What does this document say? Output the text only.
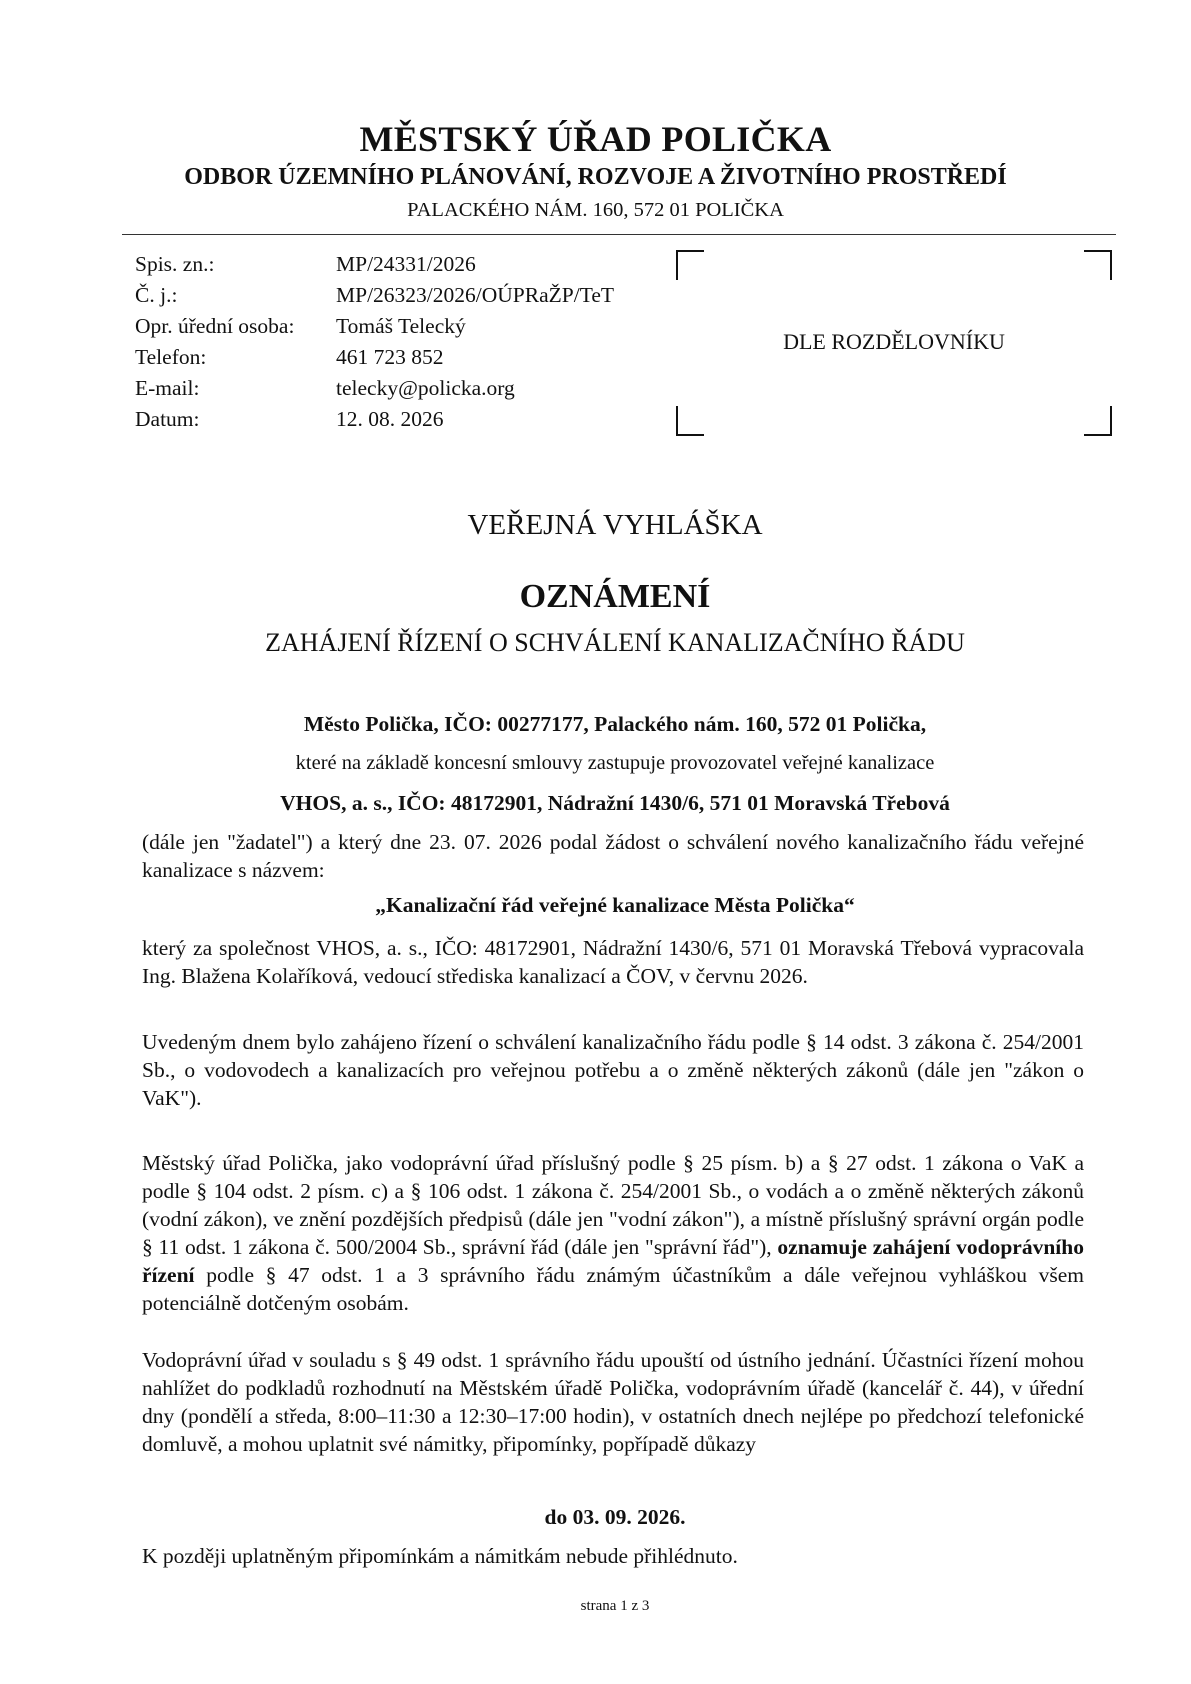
MĚSTSKÝ ÚŘAD POLIČKA
ODBOR ÚZEMNÍHO PLÁNOVÁNÍ, ROZVOJE A ŽIVOTNÍHO PROSTŘEDÍ
PALACKÉHO NÁM. 160, 572 01 POLIČKA
Spis. zn.:	MP/24331/2026
Č. j.:	MP/26323/2026/OÚPRaŽP/TeT
Opr. úřední osoba: Tomáš Telecký
Telefon:	461 723 852
E-mail:	telecky@policka.org
Datum:	12. 08. 2026
DLE ROZDĚLOVNÍKU
VEŘEJNÁ VYHLÁŠKA
OZNÁMENÍ
ZAHÁJENÍ ŘÍZENÍ O SCHVÁLENÍ KANALIZAČNÍHO ŘÁDU
Město Polička, IČO: 00277177, Palackého nám. 160, 572 01 Polička,
které na základě koncesní smlouvy zastupuje provozovatel veřejné kanalizace
VHOS, a. s., IČO: 48172901, Nádražní 1430/6, 571 01 Moravská Třebová
(dále jen "žadatel") a který dne 23. 07. 2026 podal žádost o schválení nového kanalizačního řádu veřejné kanalizace s názvem:
„Kanalizační řád veřejné kanalizace Města Polička“
který za společnost VHOS, a. s., IČO: 48172901, Nádražní 1430/6, 571 01 Moravská Třebová vypracovala Ing. Blažena Kolaříková, vedoucí střediska kanalizací a ČOV, v červnu 2026.
Uvedeným dnem bylo zahájeno řízení o schválení kanalizačního řádu podle § 14 odst. 3 zákona č. 254/2001 Sb., o vodovodech a kanalizacích pro veřejnou potřebu a o změně některých zákonů (dále jen "zákon o VaK").
Městský úřad Polička, jako vodoprávní úřad příslušný podle § 25 písm. b) a § 27 odst. 1 zákona o VaK a podle § 104 odst. 2 písm. c) a § 106 odst. 1 zákona č. 254/2001 Sb., o vodách a o změně některých zákonů (vodní zákon), ve znění pozdějších předpisů (dále jen "vodní zákon"), a místně příslušný správní orgán podle § 11 odst. 1 zákona č. 500/2004 Sb., správní řád (dále jen "správní řád"), oznamuje zahájení vodoprávního řízení podle § 47 odst. 1 a 3 správního řádu známým účastníkům a dále veřejnou vyhláškou všem potenciálně dotčeným osobám.
Vodoprávní úřad v souladu s § 49 odst. 1 správního řádu upouští od ústního jednání. Účastníci řízení mohou nahlížet do podkladů rozhodnutí na Městském úřadě Polička, vodoprávním úřadě (kancelář č. 44), v úřední dny (pondělí a středa, 8:00–11:30 a 12:30–17:00 hodin), v ostatních dnech nejlépe po předchozí telefonické domluvě, a mohou uplatnit své námitky, připomínky, popřípadě důkazy
do 03. 09. 2026.
K později uplatněným připomínkám a námitkám nebude přihlédnuto.
strana 1 z 3
